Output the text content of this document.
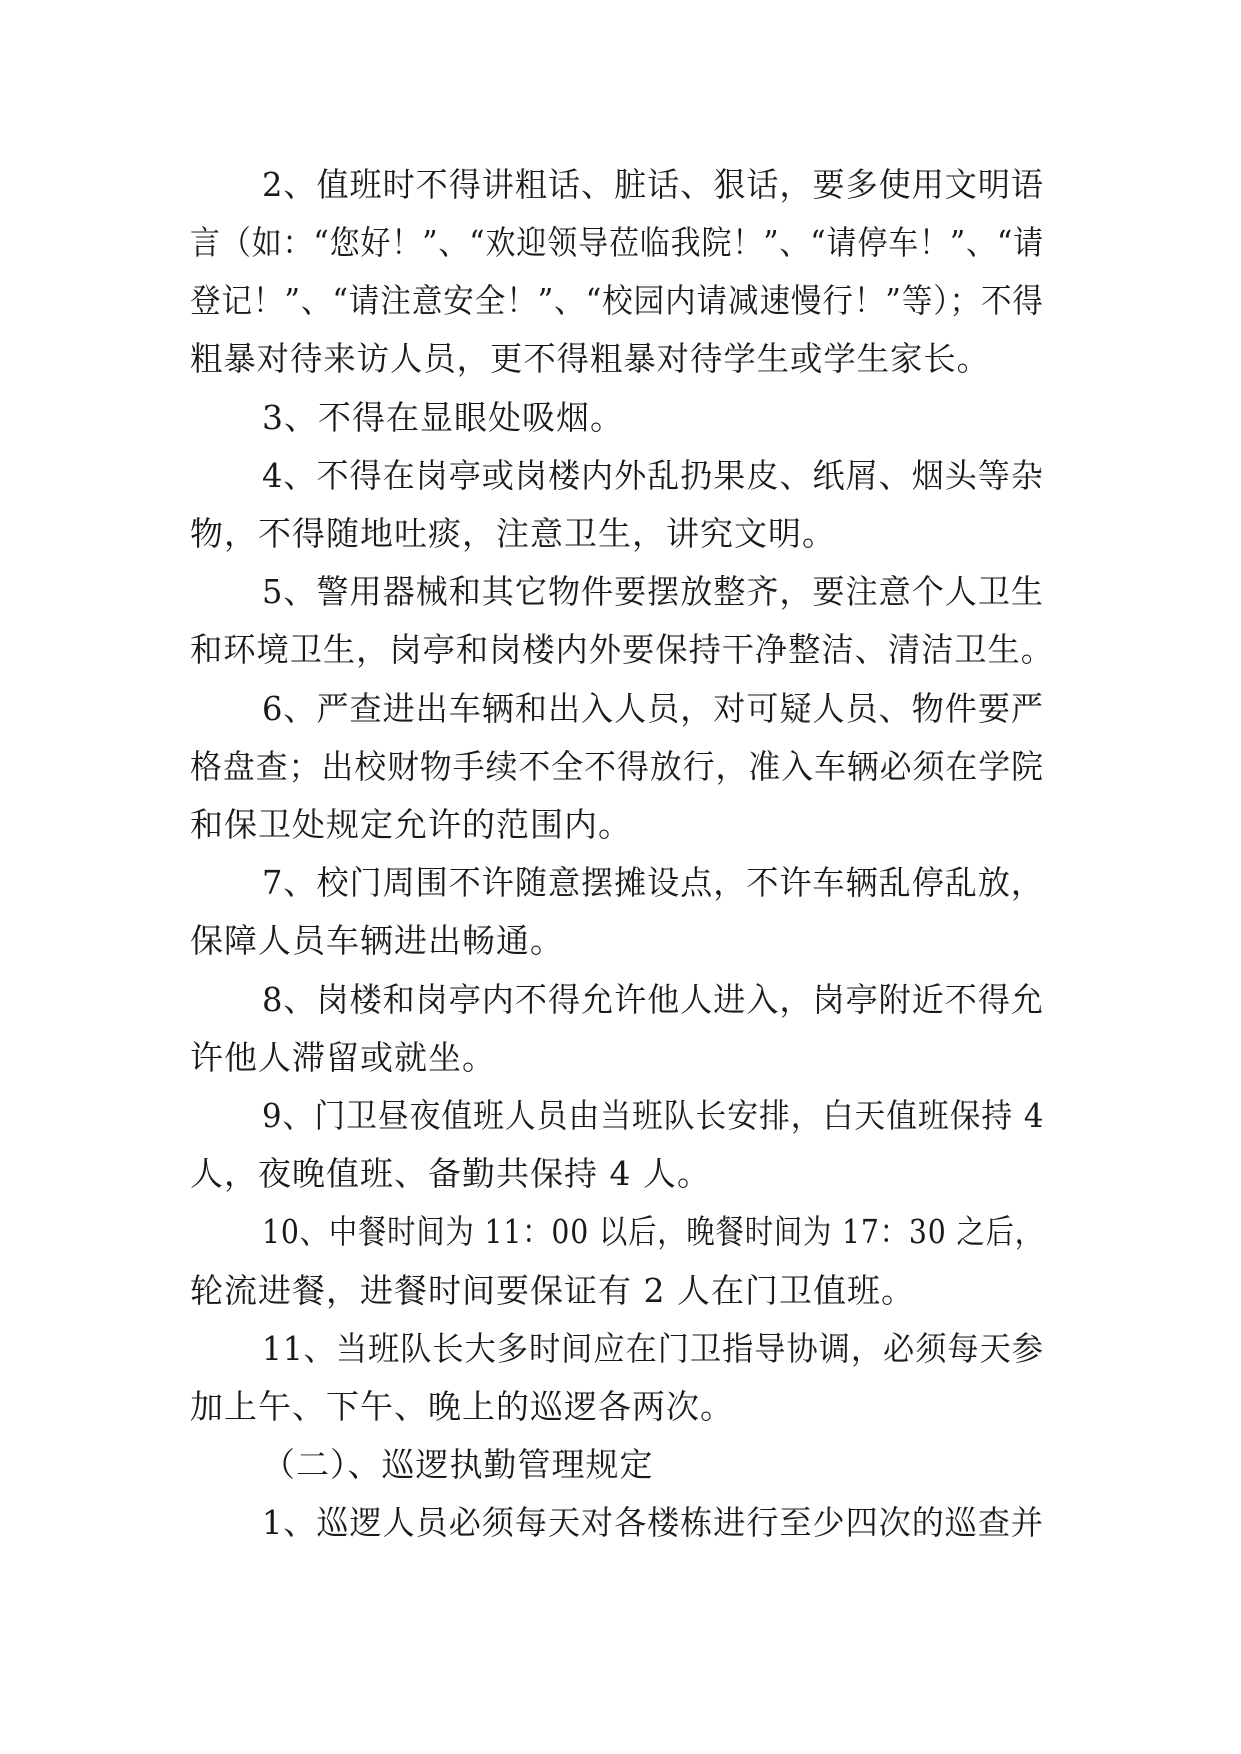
2、值班时不得讲粗话、脏话、狠话，要多使用文明语
言（如：“您好！”、“欢迎领导莅临我院！”、“请停车！”、“请
登记！”、“请注意安全！”、“校园内请减速慢行！”等）；不得
粗暴对待来访人员，更不得粗暴对待学生或学生家长。
3、不得在显眼处吸烟。
4、不得在岗亭或岗楼内外乱扔果皮、纸屑、烟头等杂
物，不得随地吐痰，注意卫生，讲究文明。
5、警用器械和其它物件要摆放整齐，要注意个人卫生
和环境卫生，岗亭和岗楼内外要保持干净整洁、清洁卫生。
6、严查进出车辆和出入人员，对可疑人员、物件要严
格盘查；出校财物手续不全不得放行，准入车辆必须在学院
和保卫处规定允许的范围内。
7、校门周围不许随意摆摊设点，不许车辆乱停乱放，
保障人员车辆进出畅通。
8、岗楼和岗亭内不得允许他人进入，岗亭附近不得允
许他人滞留或就坐。
9、门卫昼夜值班人员由当班队长安排，白天值班保持 4
人，夜晚值班、备勤共保持 4 人。
10、中餐时间为 11：00 以后，晚餐时间为 17：30 之后，
轮流进餐，进餐时间要保证有 2 人在门卫值班。
11、当班队长大多时间应在门卫指导协调，必须每天参
加上午、下午、晚上的巡逻各两次。
（二）、巡逻执勤管理规定
1、巡逻人员必须每天对各楼栋进行至少四次的巡查并
